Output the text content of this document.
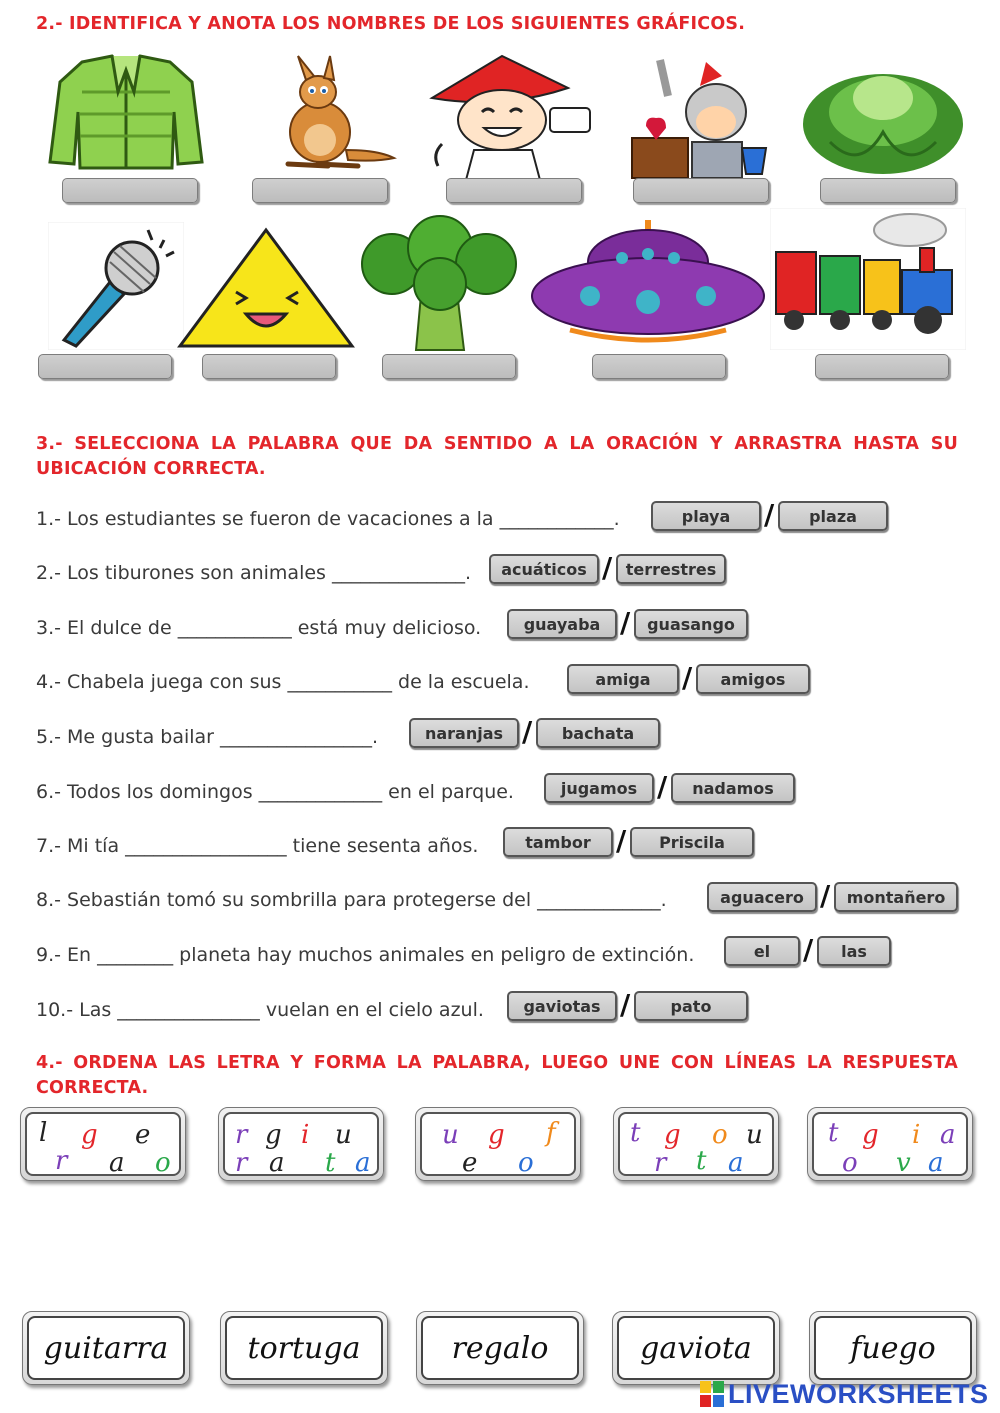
2.- IDENTIFICA Y ANOTA LOS NOMBRES DE LOS SIGUIENTES GRÁFICOS.
3.- SELECCIONA LA PALABRA QUE DA SENTIDO A LA ORACIÓN Y ARRASTRA HASTA SU UBICACIÓN CORRECTA.
1.- Los estudiantes se fueron de vacaciones a la ____________.	playa	/	plaza
2.- Los tiburones son animales ______________.	acuáticos / terrestres
3.- El dulce de ____________ está muy delicioso.	guayaba /	guasango
4.- Chabela juega con sus ___________ de la escuela.	amiga	/	amigos
5.- Me gusta bailar ________________.	naranjas /	bachata
6.- Todos los domingos _____________ en el parque.	jugamos /	nadamos
7.- Mi tía _________________ tiene sesenta años.	tambor /	Priscila
8.- Sebastián tomó su sombrilla para protegerse del _____________.	aguacero /	montañero
9.- En ________ planeta hay muchos animales en peligro de extinción.	el	/	las
10.- Las _______________ vuelan en el cielo azul.	gaviotas /	pato
4.- ORDENA LAS LETRA Y FORMA LA PALABRA, LUEGO UNE CON LÍNEAS LA RESPUESTA CORRECTA.
l g e
r a o
r g i u
r a t a
u g f
e o
t g o u
r t a
t g i a
o v a
guitarra	tortuga	regalo	gaviota	fuego
LIVEWORKSHEETS
